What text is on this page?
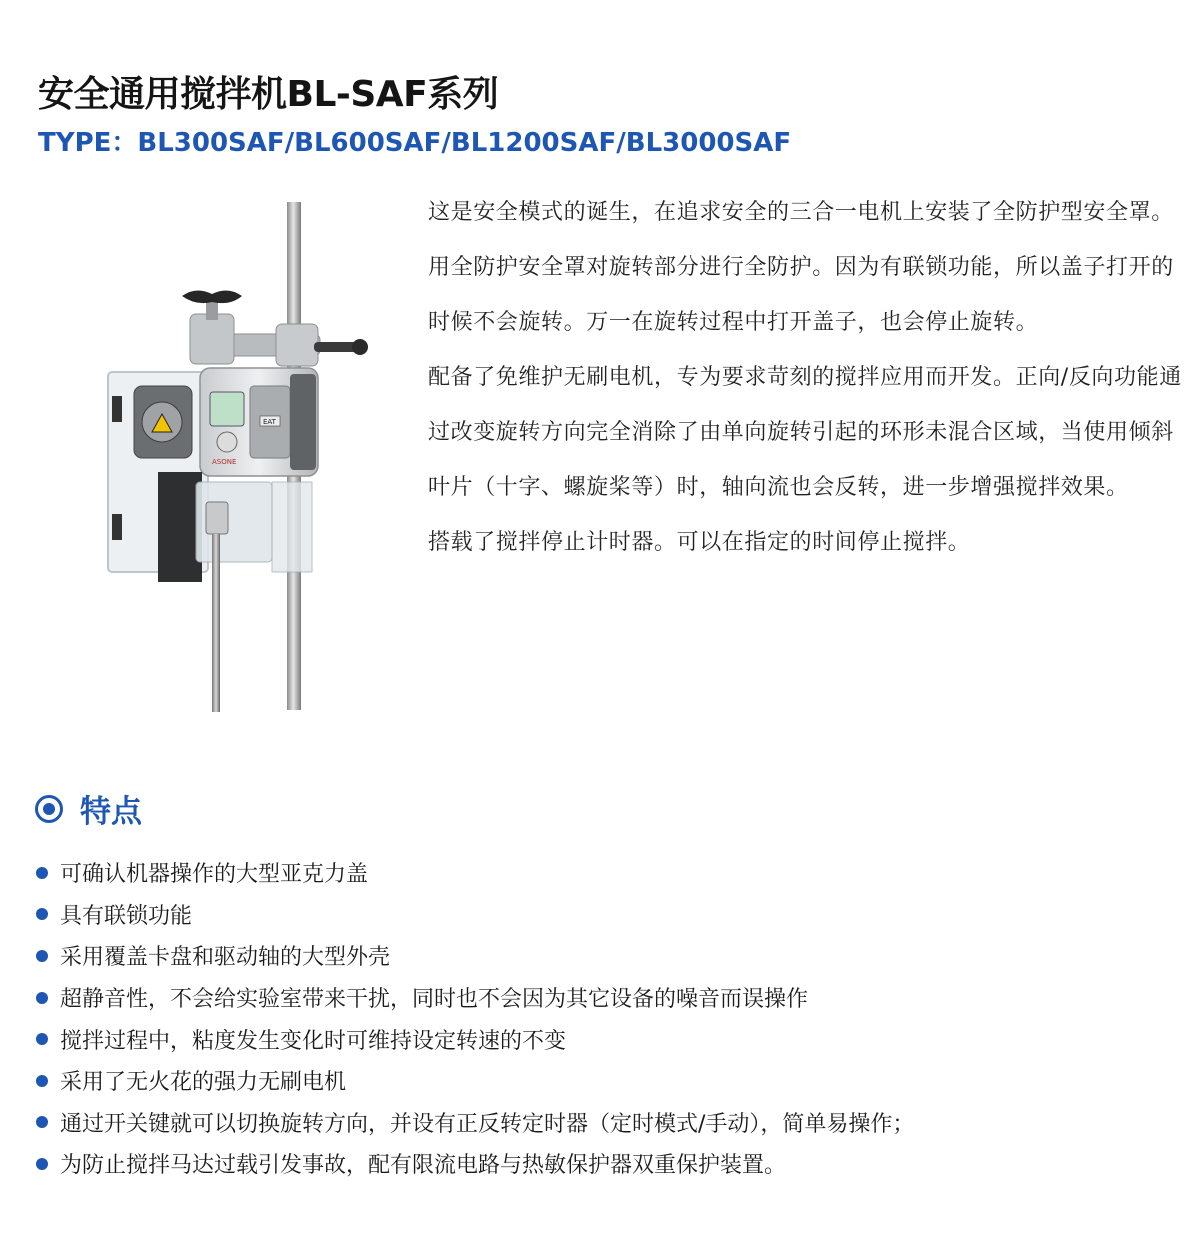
安全通用搅拌机BL-SAF系列
TYPE：BL300SAF/BL600SAF/BL1200SAF/BL3000SAF
ASONE
EAT

这是安全模式的诞生，在追求安全的三合一电机上安装了全防护型安全罩。

用全防护安全罩对旋转部分进行全防护。因为有联锁功能，所以盖子打开的时候不会旋转。万一在旋转过程中打开盖子，也会停止旋转。

配备了免维护无刷电机，专为要求苛刻的搅拌应用而开发。正向/反向功能通过改变旋转方向完全消除了由单向旋转引起的环形未混合区域，当使用倾斜叶片（十字、螺旋桨等）时，轴向流也会反转，进一步增强搅拌效果。

搭载了搅拌停止计时器。可以在指定的时间停止搅拌。

特点
可确认机器操作的大型亚克力盖
具有联锁功能
采用覆盖卡盘和驱动轴的大型外壳
超静音性，不会给实验室带来干扰，同时也不会因为其它设备的噪音而误操作
搅拌过程中，粘度发生变化时可维持设定转速的不变
采用了无火花的强力无刷电机
通过开关键就可以切换旋转方向，并设有正反转定时器（定时模式/手动），简单易操作；
为防止搅拌马达过载引发事故，配有限流电路与热敏保护器双重保护装置。
